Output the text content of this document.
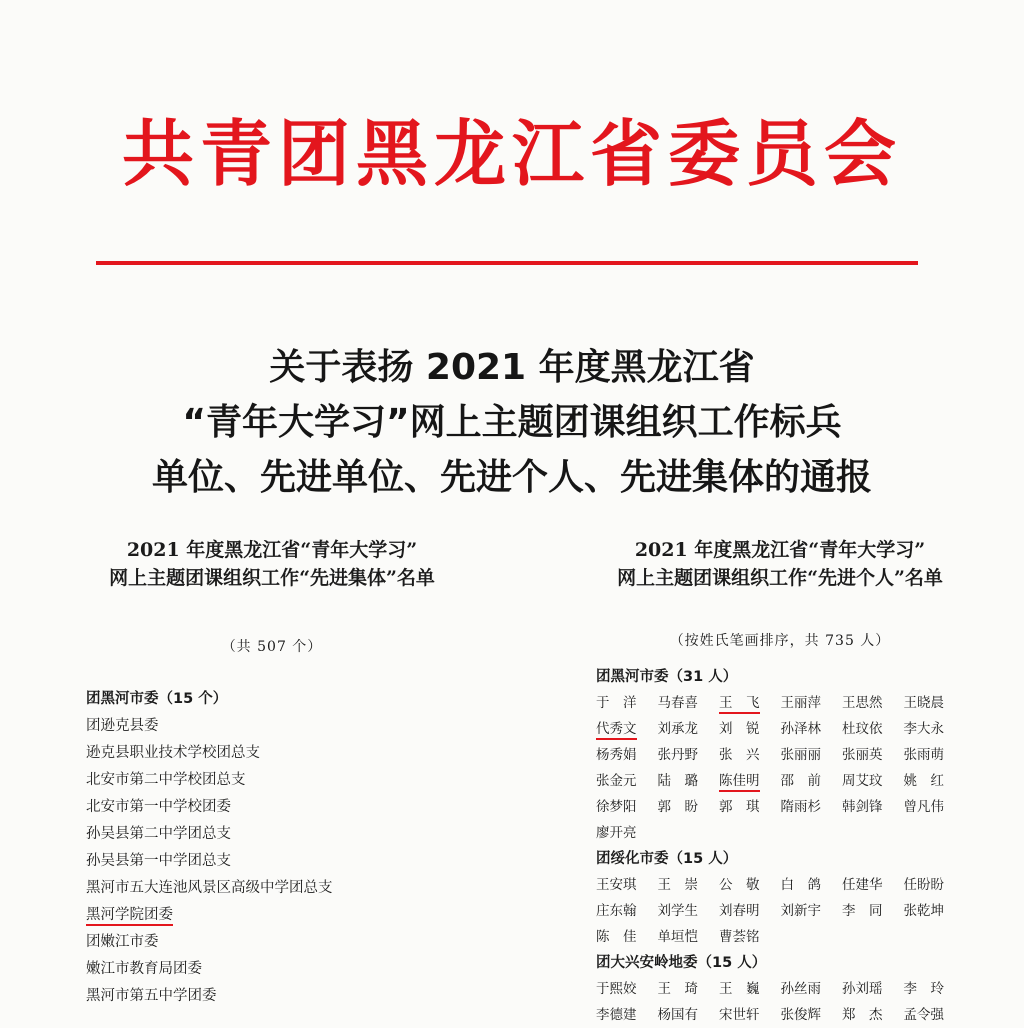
共青团黑龙江省委员会
关于表扬 2021 年度黑龙江省
“青年大学习”网上主题团课组织工作标兵
单位、先进单位、先进个人、先进集体的通报
2021 年度黑龙江省“青年大学习”
网上主题团课组织工作“先进集体”名单
（共 507 个）
团黑河市委（15 个）
团逊克县委
逊克县职业技术学校团总支
北安市第二中学校团总支
北安市第一中学校团委
孙吴县第二中学团总支
孙吴县第一中学团总支
黑河市五大连池风景区高级中学团总支
黑河学院团委
团嫩江市委
嫩江市教育局团委
黑河市第五中学团委
2021 年度黑龙江省“青年大学习”
网上主题团课组织工作“先进个人”名单
（按姓氏笔画排序，共 735 人）
团黑河市委（31 人）
于　洋	马春喜	王　飞	王丽萍	王思然	王晓晨
代秀文	刘承龙	刘　锐	孙泽林	杜玟依	李大永
杨秀娟	张丹野	张　兴	张丽丽	张丽英	张雨萌
张金元	陆　璐	陈佳明	邵　前	周艾玟	姚　红
徐梦阳	郭　盼	郭　琪	隋雨杉	韩剑锋	曾凡伟
廖开亮
团绥化市委（15 人）
王安琪	王　崇	公　敬	白　鸽	任建华	任盼盼
庄东翰	刘学生	刘春明	刘新宇	李　同	张乾坤
陈　佳	单垣恺	曹荟铭
团大兴安岭地委（15 人）
于熙姣	王　琦	王　巍	孙丝雨	孙刘瑶	李　玲
李德建	杨国有	宋世轩	张俊辉	郑　杰	孟令强
